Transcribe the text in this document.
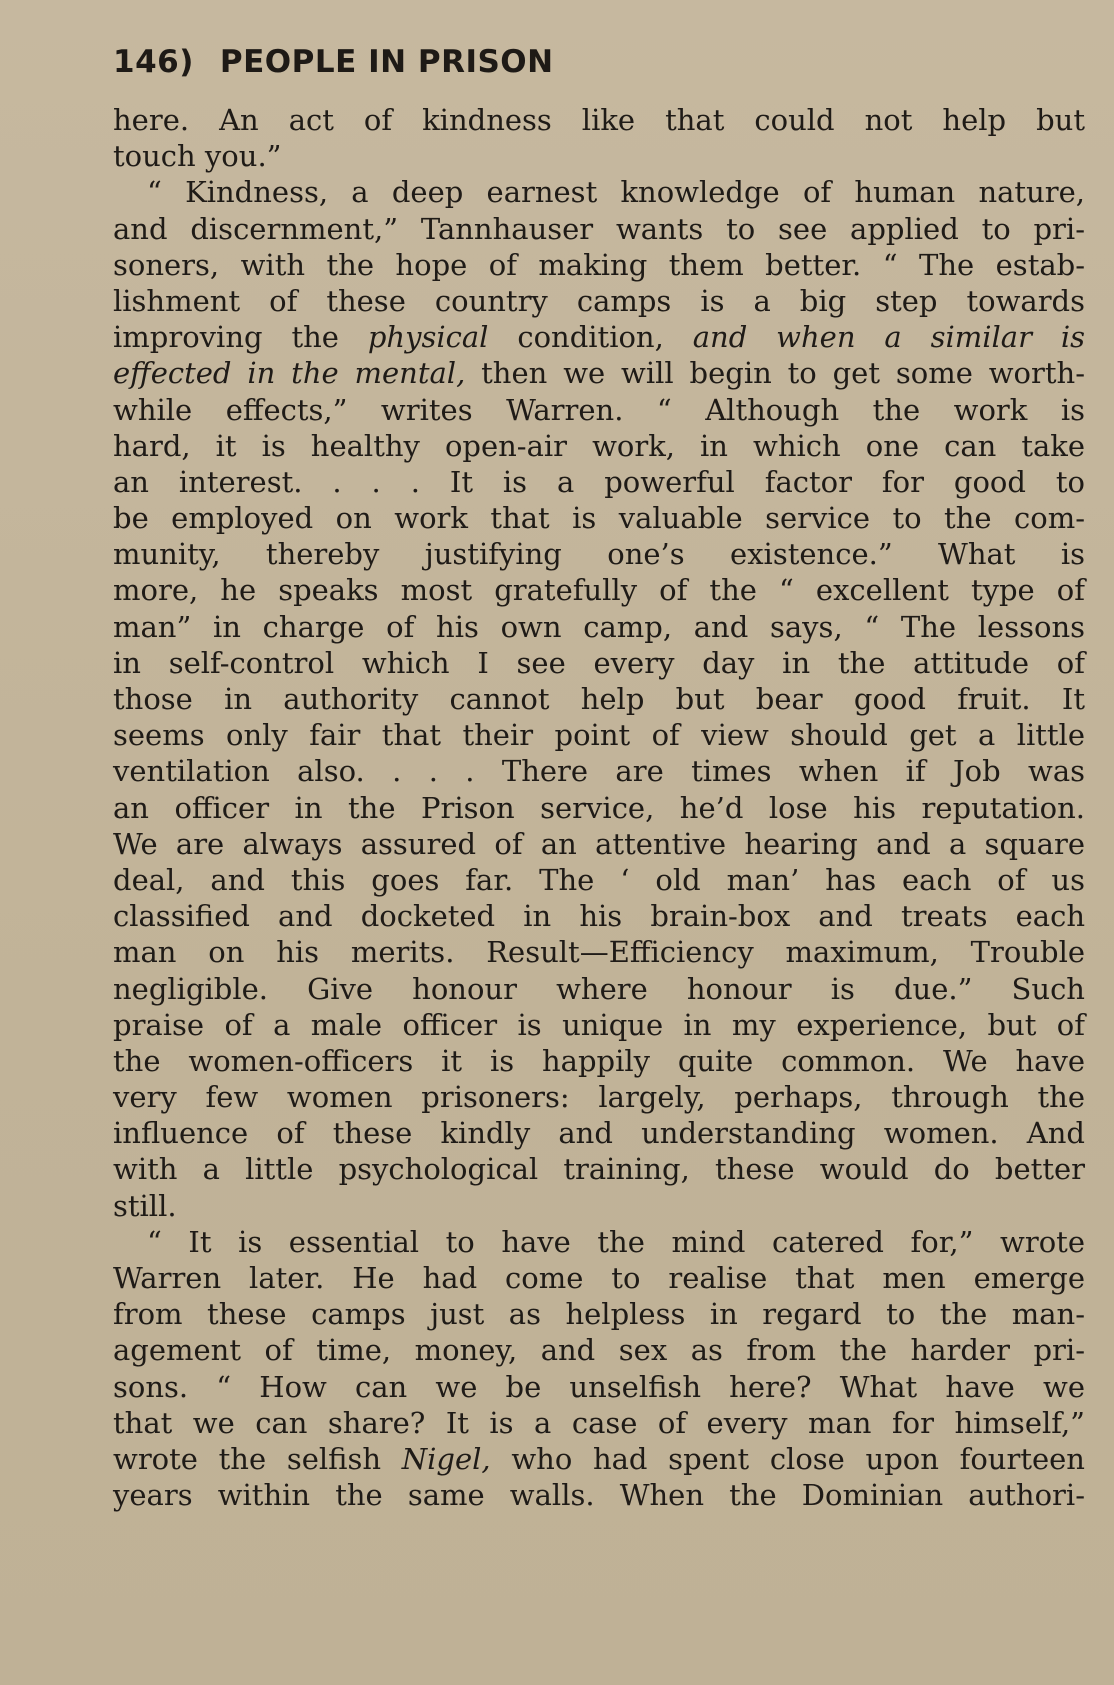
146) PEOPLE IN PRISON
here. An act of kindness like that could not help but
touch you.”
“ Kindness, a deep earnest knowledge of human nature,
and discernment,” Tannhauser wants to see applied to pri-
soners, with the hope of making them better. “ The estab-
lishment of these country camps is a big step towards
improving the physical condition, and when a similar is
effected in the mental, then we will begin to get some worth-
while effects,” writes Warren. “ Although the work is
hard, it is healthy open-air work, in which one can take
an interest. . . . It is a powerful factor for good to
be employed on work that is valuable service to the com-
munity, thereby justifying one’s existence.” What is
more, he speaks most gratefully of the “ excellent type of
man” in charge of his own camp, and says, “ The lessons
in self-control which I see every day in the attitude of
those in authority cannot help but bear good fruit. It
seems only fair that their point of view should get a little
ventilation also. . . . There are times when if Job was
an officer in the Prison service, he’d lose his reputation.
We are always assured of an attentive hearing and a square
deal, and this goes far. The ‘ old man’ has each of us
classified and docketed in his brain-box and treats each
man on his merits. Result—Efficiency maximum, Trouble
negligible. Give honour where honour is due.” Such
praise of a male officer is unique in my experience, but of
the women-officers it is happily quite common. We have
very few women prisoners: largely, perhaps, through the
influence of these kindly and understanding women. And
with a little psychological training, these would do better
still.
“ It is essential to have the mind catered for,” wrote
Warren later. He had come to realise that men emerge
from these camps just as helpless in regard to the man-
agement of time, money, and sex as from the harder pri-
sons. “ How can we be unselfish here? What have we
that we can share? It is a case of every man for himself,”
wrote the selfish Nigel, who had spent close upon fourteen
years within the same walls. When the Dominian authori-
